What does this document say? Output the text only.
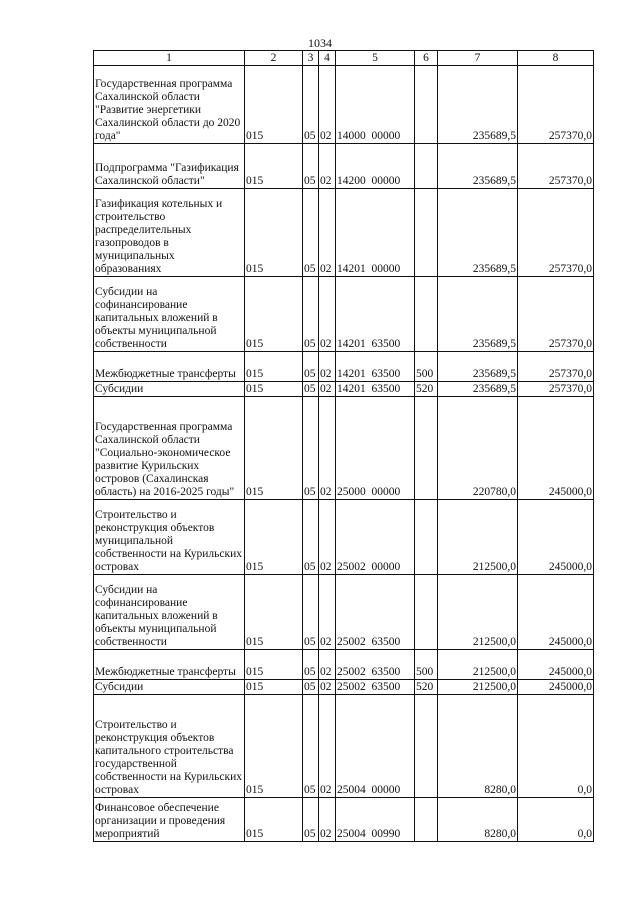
1034
1	2	3	4	5	6	7	8
Государственная программа Сахалинской области "Развитие энергетики Сахалинской области до 2020 года"	015	05	02	14000  00000		235689,5	257370,0
Подпрограмма "Газификация Сахалинской области"	015	05	02	14200  00000		235689,5	257370,0
Газификация котельных и строительство распределительных газопроводов в муниципальных образованиях	015	05	02	14201  00000		235689,5	257370,0
Субсидии на софинансирование капитальных вложений в объекты муниципальной собственности	015	05	02	14201  63500		235689,5	257370,0
Межбюджетные трансферты	015	05	02	14201  63500	500	235689,5	257370,0
Субсидии	015	05	02	14201  63500	520	235689,5	257370,0
Государственная программа Сахалинской области "Социально-экономическое развитие Курильских островов (Сахалинская область) на 2016-2025 годы"	015	05	02	25000  00000		220780,0	245000,0
Строительство и реконструкция объектов муниципальной собственности на Курильских островах	015	05	02	25002  00000		212500,0	245000,0
Субсидии на софинансирование капитальных вложений в объекты муниципальной собственности	015	05	02	25002  63500		212500,0	245000,0
Межбюджетные трансферты	015	05	02	25002  63500	500	212500,0	245000,0
Субсидии	015	05	02	25002  63500	520	212500,0	245000,0
Строительство и реконструкция объектов капитального строительства государственной собственности на Курильских островах	015	05	02	25004  00000		8280,0	0,0
Финансовое обеспечение организации и проведения мероприятий	015	05	02	25004  00990		8280,0	0,0
